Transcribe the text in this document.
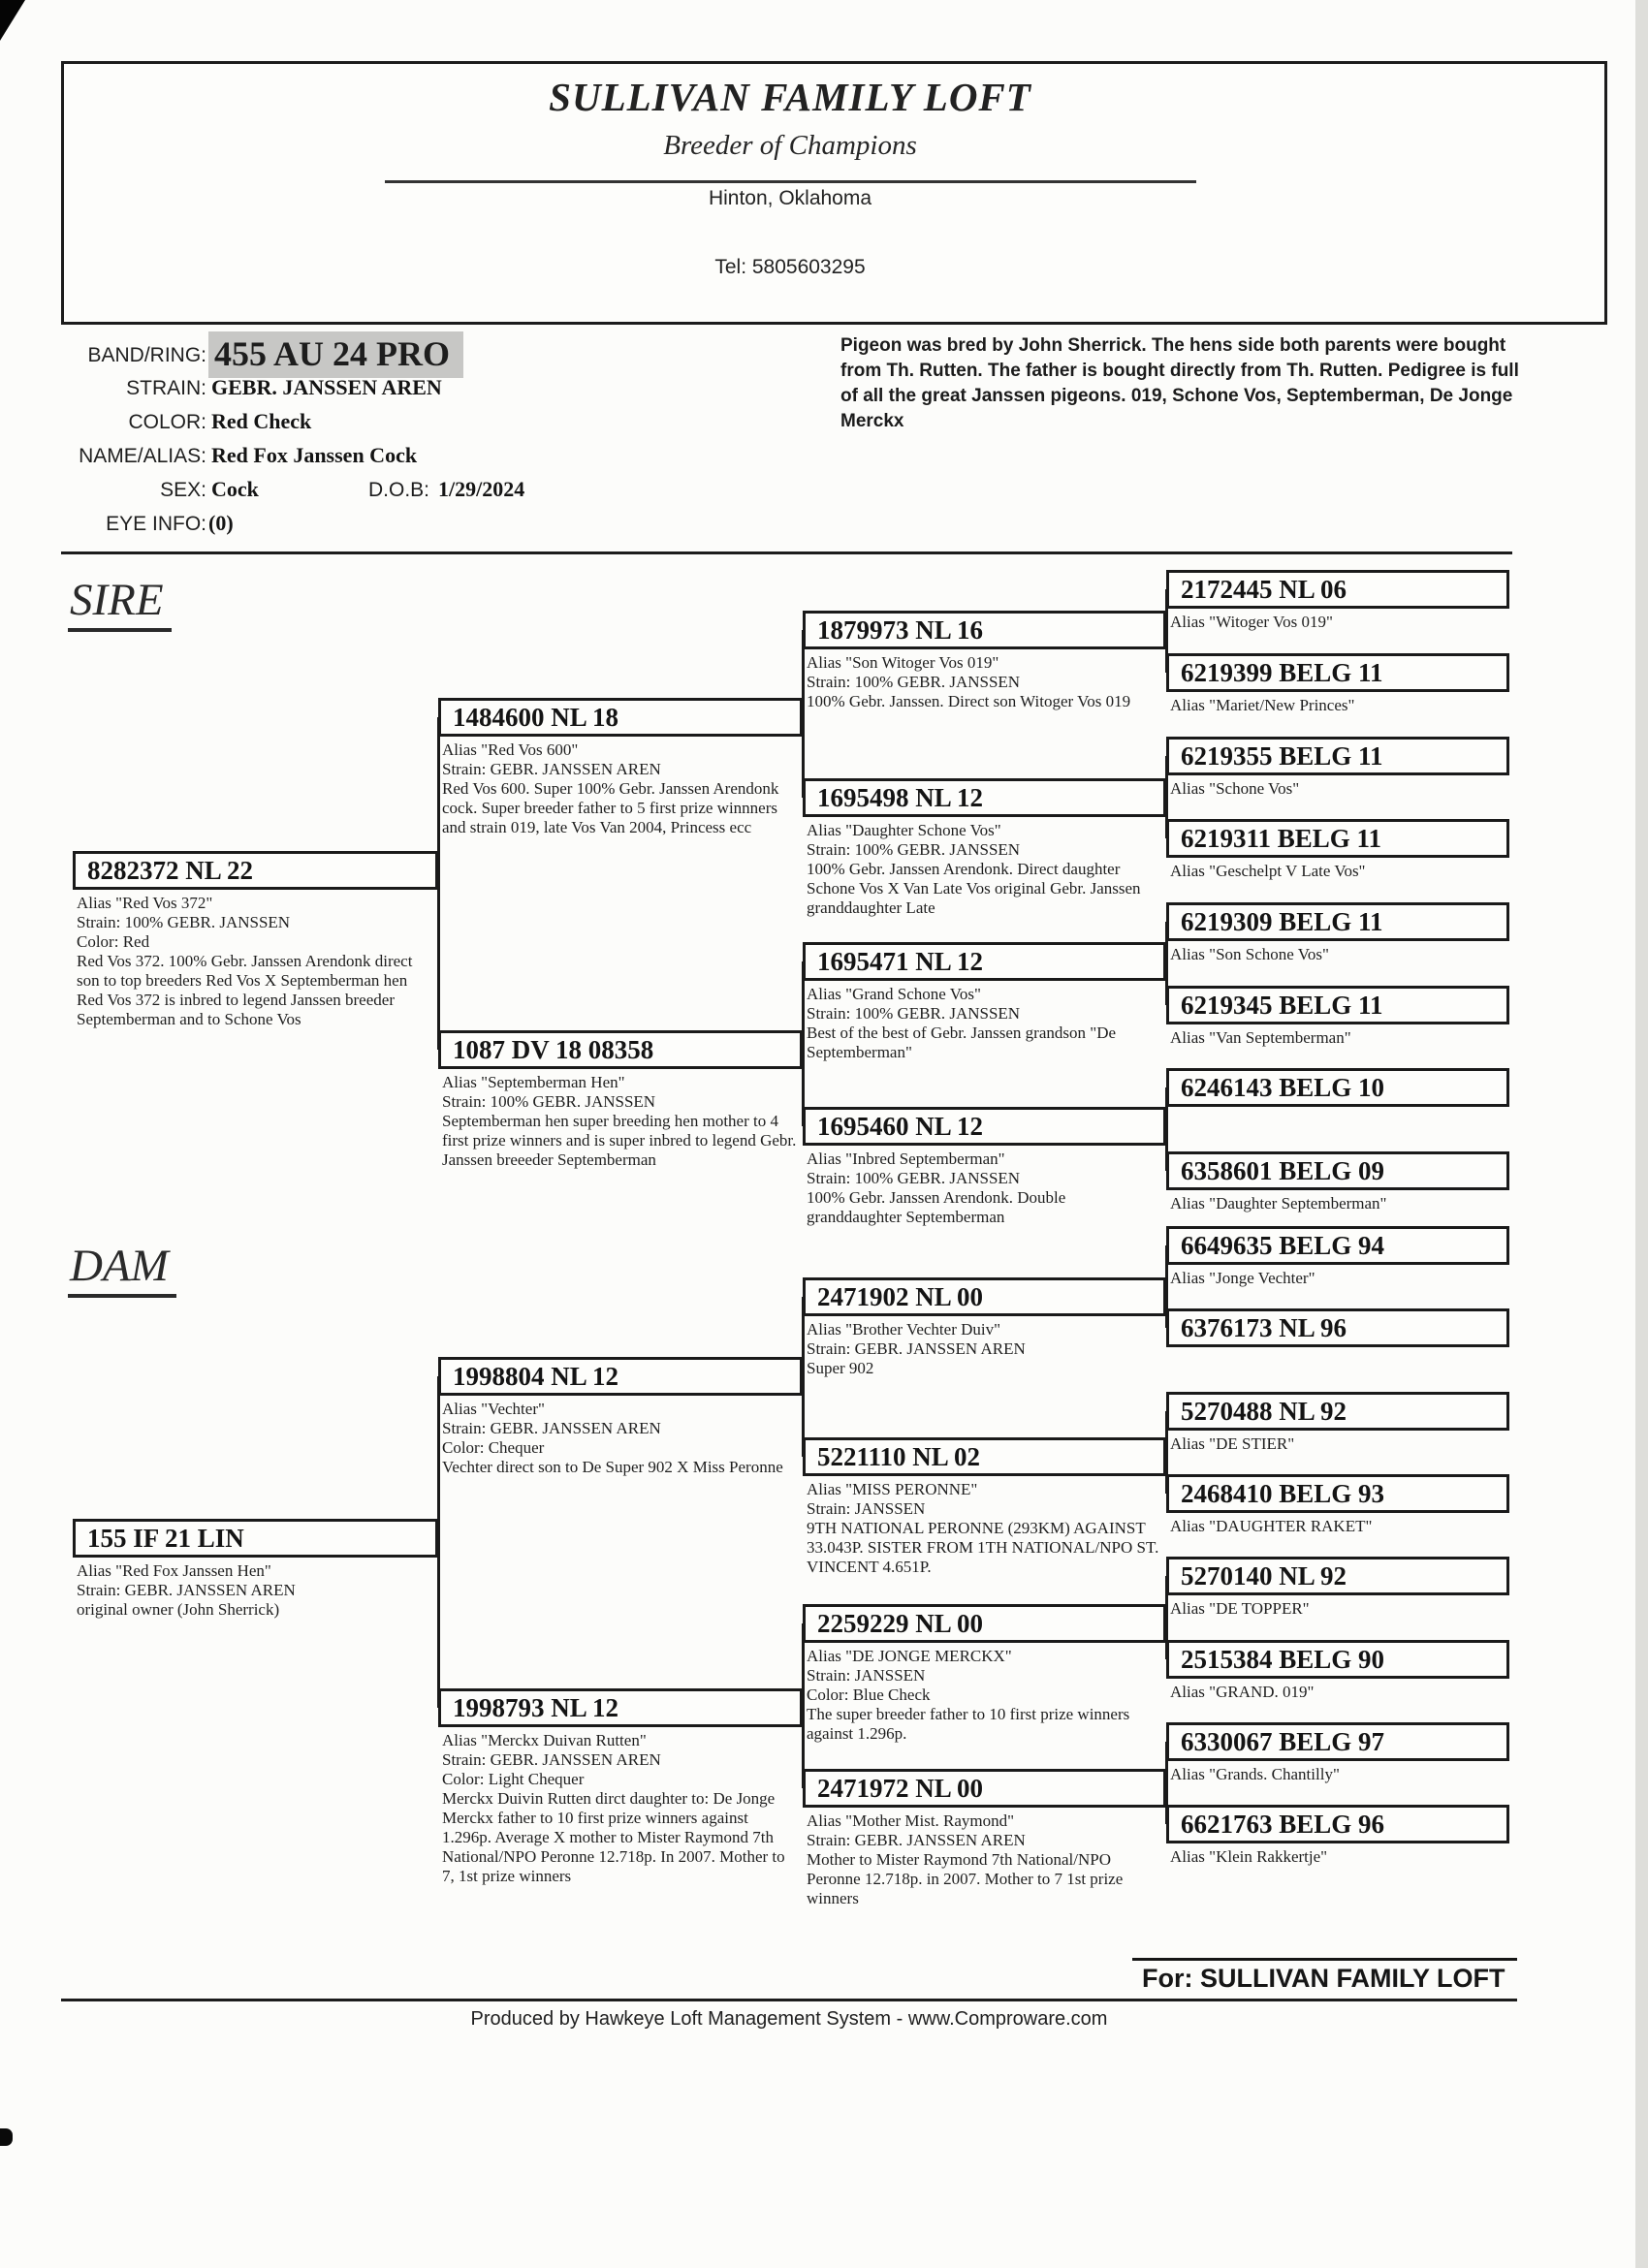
SULLIVAN FAMILY LOFT
Breeder of Champions
Hinton, Oklahoma
Tel: 5805603295
BAND/RING: 455 AU 24 PRO
STRAIN: GEBR. JANSSEN AREN
COLOR: Red Check
NAME/ALIAS: Red Fox Janssen Cock
SEX: Cock	D.O.B: 1/29/2024
EYE INFO: (0)
Pigeon was bred by John Sherrick. The hens side both parents were bought from Th. Rutten. The father is bought directly from Th. Rutten. Pedigree is full of all the great Janssen pigeons. 019, Schone Vos, Septemberman, De Jonge Merckx
SIRE
DAM
8282372 NL 22
Alias "Red Vos 372"
Strain: 100% GEBR. JANSSEN
Color: Red
Red Vos 372. 100% Gebr. Janssen Arendonk direct son to top breeders Red Vos X Septemberman hen Red Vos 372 is inbred to legend Janssen breeder Septemberman and to Schone Vos
155 IF 21 LIN
Alias "Red Fox Janssen Hen"
Strain: GEBR. JANSSEN AREN
original owner (John Sherrick)
1484600 NL 18
Alias "Red Vos 600"
Strain: GEBR. JANSSEN AREN
Red Vos 600. Super 100% Gebr. Janssen Arendonk cock. Super breeder father to 5 first prize winnners and strain 019, late Vos Van 2004, Princess ecc
1087 DV 18 08358
Alias "Septemberman Hen"
Strain: 100% GEBR. JANSSEN
Septemberman hen super breeding hen mother to 4 first prize winners and is super inbred to legend Gebr. Janssen breeeder Septemberman
1998804 NL 12
Alias "Vechter"
Strain: GEBR. JANSSEN AREN
Color: Chequer
Vechter direct son to De Super 902 X Miss Peronne
1998793 NL 12
Alias "Merckx Duivan Rutten"
Strain: GEBR. JANSSEN AREN
Color: Light Chequer
Merckx Duivin Rutten dirct daughter to: De Jonge Merckx father to 10 first prize winners against 1.296p. Average X mother to Mister Raymond 7th National/NPO Peronne 12.718p. In 2007. Mother to 7, 1st prize winners
1879973 NL 16
Alias "Son Witoger Vos 019"
Strain: 100% GEBR. JANSSEN
100% Gebr. Janssen. Direct son Witoger Vos 019
1695498 NL 12
Alias "Daughter Schone Vos"
Strain: 100% GEBR. JANSSEN
100% Gebr. Janssen Arendonk. Direct daughter Schone Vos X Van Late Vos original Gebr. Janssen granddaughter Late
1695471 NL 12
Alias "Grand Schone Vos"
Strain: 100% GEBR. JANSSEN
Best of the best of Gebr. Janssen grandson "De Septemberman"
1695460 NL 12
Alias "Inbred Septemberman"
Strain: 100% GEBR. JANSSEN
100% Gebr. Janssen Arendonk. Double granddaughter Septemberman
2471902 NL 00
Alias "Brother Vechter Duiv"
Strain: GEBR. JANSSEN AREN
Super 902
5221110 NL 02
Alias "MISS PERONNE"
Strain: JANSSEN
9TH NATIONAL PERONNE (293KM) AGAINST 33.043P. SISTER FROM 1TH NATIONAL/NPO ST. VINCENT 4.651P.
2259229 NL 00
Alias "DE JONGE MERCKX"
Strain: JANSSEN
Color: Blue Check
The super breeder father to 10 first prize winners against 1.296p.
2471972 NL 00
Alias "Mother Mist. Raymond"
Strain: GEBR. JANSSEN AREN
Mother to Mister Raymond 7th National/NPO Peronne 12.718p. in 2007. Mother to 7 1st prize winners
2172445 NL 06
Alias "Witoger Vos 019"
6219399 BELG 11
Alias "Mariet/New Princes"
6219355 BELG 11
Alias "Schone Vos"
6219311 BELG 11
Alias "Geschelpt V Late Vos"
6219309 BELG 11
Alias "Son Schone Vos"
6219345 BELG 11
Alias "Van Septemberman"
6246143 BELG 10
6358601 BELG 09
Alias "Daughter Septemberman"
6649635 BELG 94
Alias "Jonge Vechter"
6376173 NL 96
5270488 NL 92
Alias "DE STIER"
2468410 BELG 93
Alias "DAUGHTER RAKET"
5270140 NL 92
Alias "DE TOPPER"
2515384 BELG 90
Alias "GRAND. 019"
6330067 BELG 97
Alias "Grands. Chantilly"
6621763 BELG 96
Alias "Klein Rakkertje"
For: SULLIVAN FAMILY LOFT
Produced by Hawkeye Loft Management System - www.Comproware.com
